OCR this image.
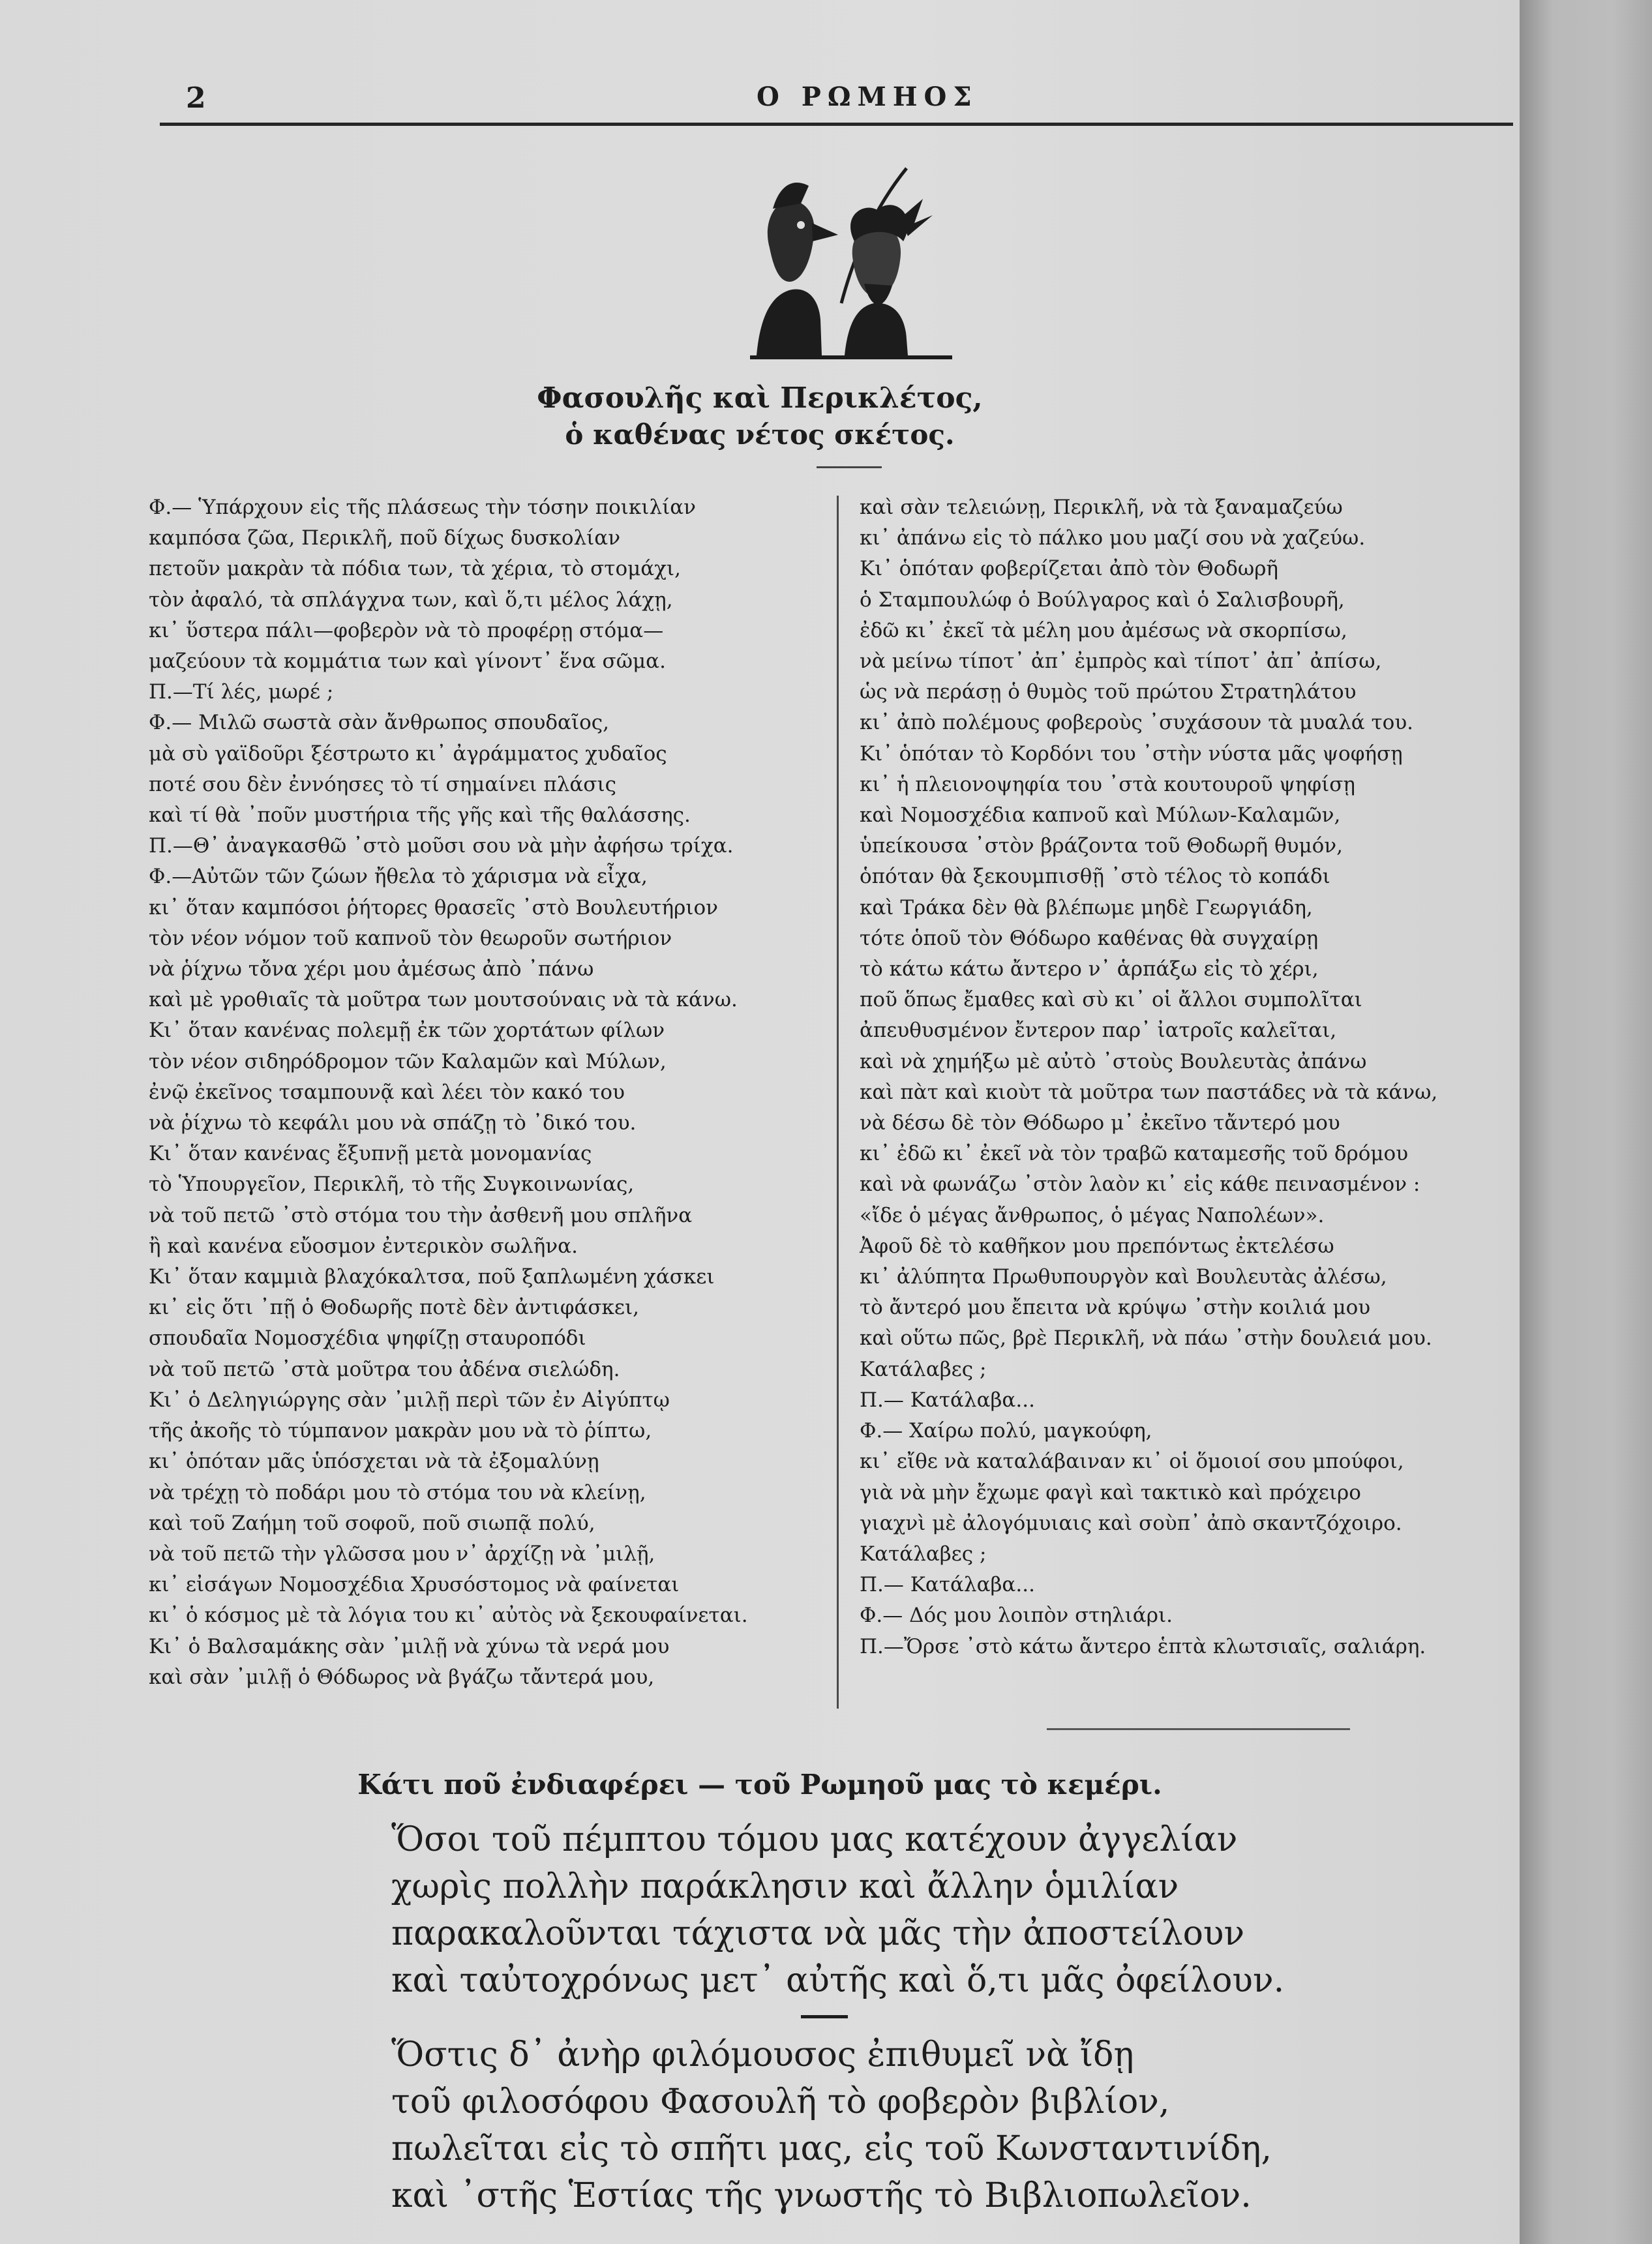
2	Ο ΡΩΜΗΟΣ
Φασουλῆς καὶ Περικλέτος,
ὁ καθένας νέτος σκέτος.

Φ.— Ὑπάρχουν εἰς τῆς πλάσεως τὴν τόσην ποικιλίαν

καμπόσα ζῶα, Περικλῆ, ποῦ δίχως δυσκολίαν

πετοῦν μακρὰν τὰ πόδια των, τὰ χέρια, τὸ στομάχι,

τὸν ἀφαλό, τὰ σπλάγχνα των, καὶ ὅ,τι μέλος λάχῃ,

κι᾽ ὕστερα πάλι—φοβερὸν νὰ τὸ προφέρῃ στόμα—

μαζεύουν τὰ κομμάτια των καὶ γίνοντ᾽ ἕνα σῶμα.

Π.—Τί λές, μωρέ ;

Φ.— Μιλῶ σωστὰ σὰν ἄνθρωπος σπουδαῖος,

μὰ σὺ γαϊδοῦρι ξέστρωτο κι᾽ ἀγράμματος χυδαῖος

ποτέ σου δὲν ἐννόησες τὸ τί σημαίνει πλάσις

καὶ τί θὰ ᾽ποῦν μυστήρια τῆς γῆς καὶ τῆς θαλάσσης.

Π.—Θ᾽ ἀναγκασθῶ ᾽στὸ μοῦσι σου νὰ μὴν ἀφήσω τρίχα.

Φ.—Αὐτῶν τῶν ζώων ἤθελα τὸ χάρισμα νὰ εἶχα,

κι᾽ ὅταν καμπόσοι ῥήτορες θρασεῖς ᾽στὸ Βουλευτήριον

τὸν νέον νόμον τοῦ καπνοῦ τὸν θεωροῦν σωτήριον

νὰ ῥίχνω τὄνα χέρι μου ἀμέσως ἀπὸ ᾽πάνω

καὶ μὲ γροθιαῖς τὰ μοῦτρα των μουτσούναις νὰ τὰ κάνω.

Κι᾽ ὅταν κανένας πολεμῇ ἐκ τῶν χορτάτων φίλων

τὸν νέον σιδηρόδρομον τῶν Καλαμῶν καὶ Μύλων,

ἐνῷ ἐκεῖνος τσαμπουνᾷ καὶ λέει τὸν κακό του

νὰ ῥίχνω τὸ κεφάλι μου νὰ σπάζῃ τὸ ᾽δικό του.

Κι᾽ ὅταν κανένας ἔξυπνῇ μετὰ μονομανίας

τὸ Ὑπουργεῖον, Περικλῆ, τὸ τῆς Συγκοινωνίας,

νὰ τοῦ πετῶ ᾽στὸ στόμα του τὴν ἀσθενῆ μου σπλῆνα

ἢ καὶ κανένα εὔοσμον ἐντερικὸν σωλῆνα.

Κι᾽ ὅταν καμμιὰ βλαχόκαλτσα, ποῦ ξαπλωμένη χάσκει

κι᾽ εἰς ὅτι ᾽πῇ ὁ Θοδωρῆς ποτὲ δὲν ἀντιφάσκει,

σπουδαῖα Νομοσχέδια ψηφίζῃ σταυροπόδι

νὰ τοῦ πετῶ ᾽στὰ μοῦτρα του ἀδένα σιελώδη.

Κι᾽ ὁ Δεληγιώργης σὰν ᾽μιλῇ περὶ τῶν ἐν Αἰγύπτῳ

τῆς ἀκοῆς τὸ τύμπανον μακρὰν μου νὰ τὸ ῥίπτω,

κι᾽ ὁπόταν μᾶς ὑπόσχεται νὰ τὰ ἐξομαλύνῃ

νὰ τρέχῃ τὸ ποδάρι μου τὸ στόμα του νὰ κλείνῃ,

καὶ τοῦ Ζαήμη τοῦ σοφοῦ, ποῦ σιωπᾷ πολύ,

νὰ τοῦ πετῶ τὴν γλῶσσα μου ν᾽ ἀρχίζῃ νὰ ᾽μιλῇ,

κι᾽ εἰσάγων Νομοσχέδια Χρυσόστομος νὰ φαίνεται

κι᾽ ὁ κόσμος μὲ τὰ λόγια του κι᾽ αὐτὸς νὰ ξεκουφαίνεται.

Κι᾽ ὁ Βαλσαμάκης σὰν ᾽μιλῇ νὰ χύνω τὰ νερά μου

καὶ σὰν ᾽μιλῇ ὁ Θόδωρος νὰ βγάζω τἄντερά μου,

καὶ σὰν τελειώνῃ, Περικλῆ, νὰ τὰ ξαναμαζεύω

κι᾽ ἀπάνω εἰς τὸ πάλκο μου μαζί σου νὰ χαζεύω.

Κι᾽ ὁπόταν φοβερίζεται ἀπὸ τὸν Θοδωρῆ

ὁ Σταμπουλώφ ὁ Βούλγαρος καὶ ὁ Σαλισβουρῆ,

ἐδῶ κι᾽ ἐκεῖ τὰ μέλη μου ἀμέσως νὰ σκορπίσω,

νὰ μείνω τίποτ᾽ ἀπ᾽ ἐμπρὸς καὶ τίποτ᾽ ἀπ᾽ ἀπίσω,

ὡς νὰ περάσῃ ὁ θυμὸς τοῦ πρώτου Στρατηλάτου

κι᾽ ἀπὸ πολέμους φοβεροὺς ᾽συχάσουν τὰ μυαλά του.

Κι᾽ ὁπόταν τὸ Κορδόνι του ᾽στὴν νύστα μᾶς ψοφήσῃ

κι᾽ ἡ πλειονοψηφία του ᾽στὰ κουτουροῦ ψηφίσῃ

καὶ Νομοσχέδια καπνοῦ καὶ Μύλων-Καλαμῶν,

ὑπείκουσα ᾽στὸν βράζοντα τοῦ Θοδωρῆ θυμόν,

ὁπόταν θὰ ξεκουμπισθῇ ᾽στὸ τέλος τὸ κοπάδι

καὶ Τράκα δὲν θὰ βλέπωμε μηδὲ Γεωργιάδη,

τότε ὁποῦ τὸν Θόδωρο καθένας θὰ συγχαίρῃ

τὸ κάτω κάτω ἄντερο ν᾽ ἁρπάξω εἰς τὸ χέρι,

ποῦ ὅπως ἔμαθες καὶ σὺ κι᾽ οἱ ἄλλοι συμπολῖται

ἀπευθυσμένον ἔντερον παρ᾽ ἰατροῖς καλεῖται,

καὶ νὰ χημήξω μὲ αὐτὸ ᾽στοὺς Βουλευτὰς ἀπάνω

καὶ πὰτ καὶ κιοὺτ τὰ μοῦτρα των παστάδες νὰ τὰ κάνω,

νὰ δέσω δὲ τὸν Θόδωρο μ᾽ ἐκεῖνο τἄντερό μου

κι᾽ ἐδῶ κι᾽ ἐκεῖ νὰ τὸν τραβῶ καταμεσῆς τοῦ δρόμου

καὶ νὰ φωνάζω ᾽στὸν λαὸν κι᾽ εἰς κάθε πεινασμένον :

«ἴδε ὁ μέγας ἄνθρωπος, ὁ μέγας Ναπολέων».

Ἀφοῦ δὲ τὸ καθῆκον μου πρεπόντως ἐκτελέσω

κι᾽ ἀλύπητα Πρωθυπουργὸν καὶ Βουλευτὰς ἀλέσω,

τὸ ἄντερό μου ἔπειτα νὰ κρύψω ᾽στὴν κοιλιά μου

καὶ οὕτω πῶς, βρὲ Περικλῆ, νὰ πάω ᾽στὴν δουλειά μου.

Κατάλαβες ;

Π.— Κατάλαβα...

Φ.— Χαίρω πολύ, μαγκούφη,

κι᾽ εἴθε νὰ καταλάβαιναν κι᾽ οἱ ὅμοιοί σου μπούφοι,

γιὰ νὰ μὴν ἔχωμε φαγὶ καὶ τακτικὸ καὶ πρόχειρο

γιαχνὶ μὲ ἀλογόμυιαις καὶ σοὺπ᾽ ἀπὸ σκαντζόχοιρο.

Κατάλαβες ;

Π.— Κατάλαβα...

Φ.— Δός μου λοιπὸν στηλιάρι.

Π.—Ὄρσε ᾽στὸ κάτω ἄντερο ἑπτὰ κλωτσιαῖς, σαλιάρη.

Κάτι ποῦ ἐνδιαφέρει — τοῦ Ρωμηοῦ μας τὸ κεμέρι.

Ὅσοι τοῦ πέμπτου τόμου μας κατέχουν ἀγγελίαν

χωρὶς πολλὴν παράκλησιν καὶ ἄλλην ὁμιλίαν

παρακαλοῦνται τάχιστα νὰ μᾶς τὴν ἀποστείλουν

καὶ ταὐτοχρόνως μετ᾽ αὐτῆς καὶ ὅ,τι μᾶς ὀφείλουν.

Ὅστις δ᾽ ἀνὴρ φιλόμουσος ἐπιθυμεῖ νὰ ἴδῃ

τοῦ φιλοσόφου Φασουλῆ τὸ φοβερὸν βιβλίον,

πωλεῖται εἰς τὸ σπῆτι μας, εἰς τοῦ Κωνσταντινίδη,

καὶ ᾽στῆς Ἑστίας τῆς γνωστῆς τὸ Βιβλιοπωλεῖον.
